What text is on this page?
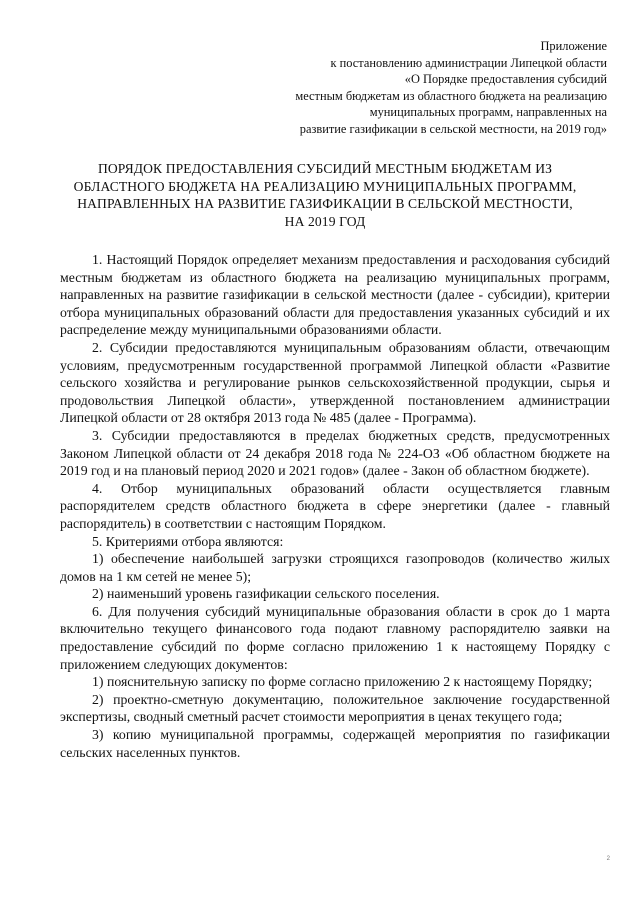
Приложение
к постановлению администрации Липецкой области
«О Порядке предоставления субсидий
местным бюджетам из областного бюджета на реализацию
муниципальных программ, направленных на
развитие газификации в сельской местности, на 2019 год»
ПОРЯДОК ПРЕДОСТАВЛЕНИЯ СУБСИДИЙ МЕСТНЫМ БЮДЖЕТАМ ИЗ
ОБЛАСТНОГО БЮДЖЕТА НА РЕАЛИЗАЦИЮ МУНИЦИПАЛЬНЫХ ПРОГРАММ,
НАПРАВЛЕННЫХ НА РАЗВИТИЕ ГАЗИФИКАЦИИ В СЕЛЬСКОЙ МЕСТНОСТИ,
НА 2019 ГОД

1. Настоящий Порядок определяет механизм предоставления и расходования субсидий местным бюджетам из областного бюджета на реализацию муниципальных программ, направленных на развитие газификации в сельской местности (далее - субсидии), критерии отбора муниципальных образований области для предоставления указанных субсидий и их распределение между муниципальными образованиями области.

2. Субсидии предоставляются муниципальным образованиям области, отвечающим условиям, предусмотренным государственной программой Липецкой области «Развитие сельского хозяйства и регулирование рынков сельскохозяйственной продукции, сырья и продовольствия Липецкой области», утвержденной постановлением администрации Липецкой области от 28 октября 2013 года № 485 (далее - Программа).

3. Субсидии предоставляются в пределах бюджетных средств, предусмотренных Законом Липецкой области от 24 декабря 2018 года № 224-ОЗ «Об областном бюджете на 2019 год и на плановый период 2020 и 2021 годов» (далее - Закон об областном бюджете).

4. Отбор муниципальных образований области осуществляется главным распорядителем средств областного бюджета в сфере энергетики (далее - главный распорядитель) в соответствии с настоящим Порядком.

5. Критериями отбора являются:

1) обеспечение наибольшей загрузки строящихся газопроводов (количество жилых домов на 1 км сетей не менее 5);

2) наименьший уровень газификации сельского поселения.

6. Для получения субсидий муниципальные образования области в срок до 1 марта включительно текущего финансового года подают главному распорядителю заявки на предоставление субсидий по форме согласно приложению 1 к настоящему Порядку с приложением следующих документов:

1) пояснительную записку по форме согласно приложению 2 к настоящему Порядку;

2) проектно-сметную документацию, положительное заключение государственной экспертизы, сводный сметный расчет стоимости мероприятия в ценах текущего года;

3) копию муниципальной программы, содержащей мероприятия по газификации сельских населенных пунктов.

2
